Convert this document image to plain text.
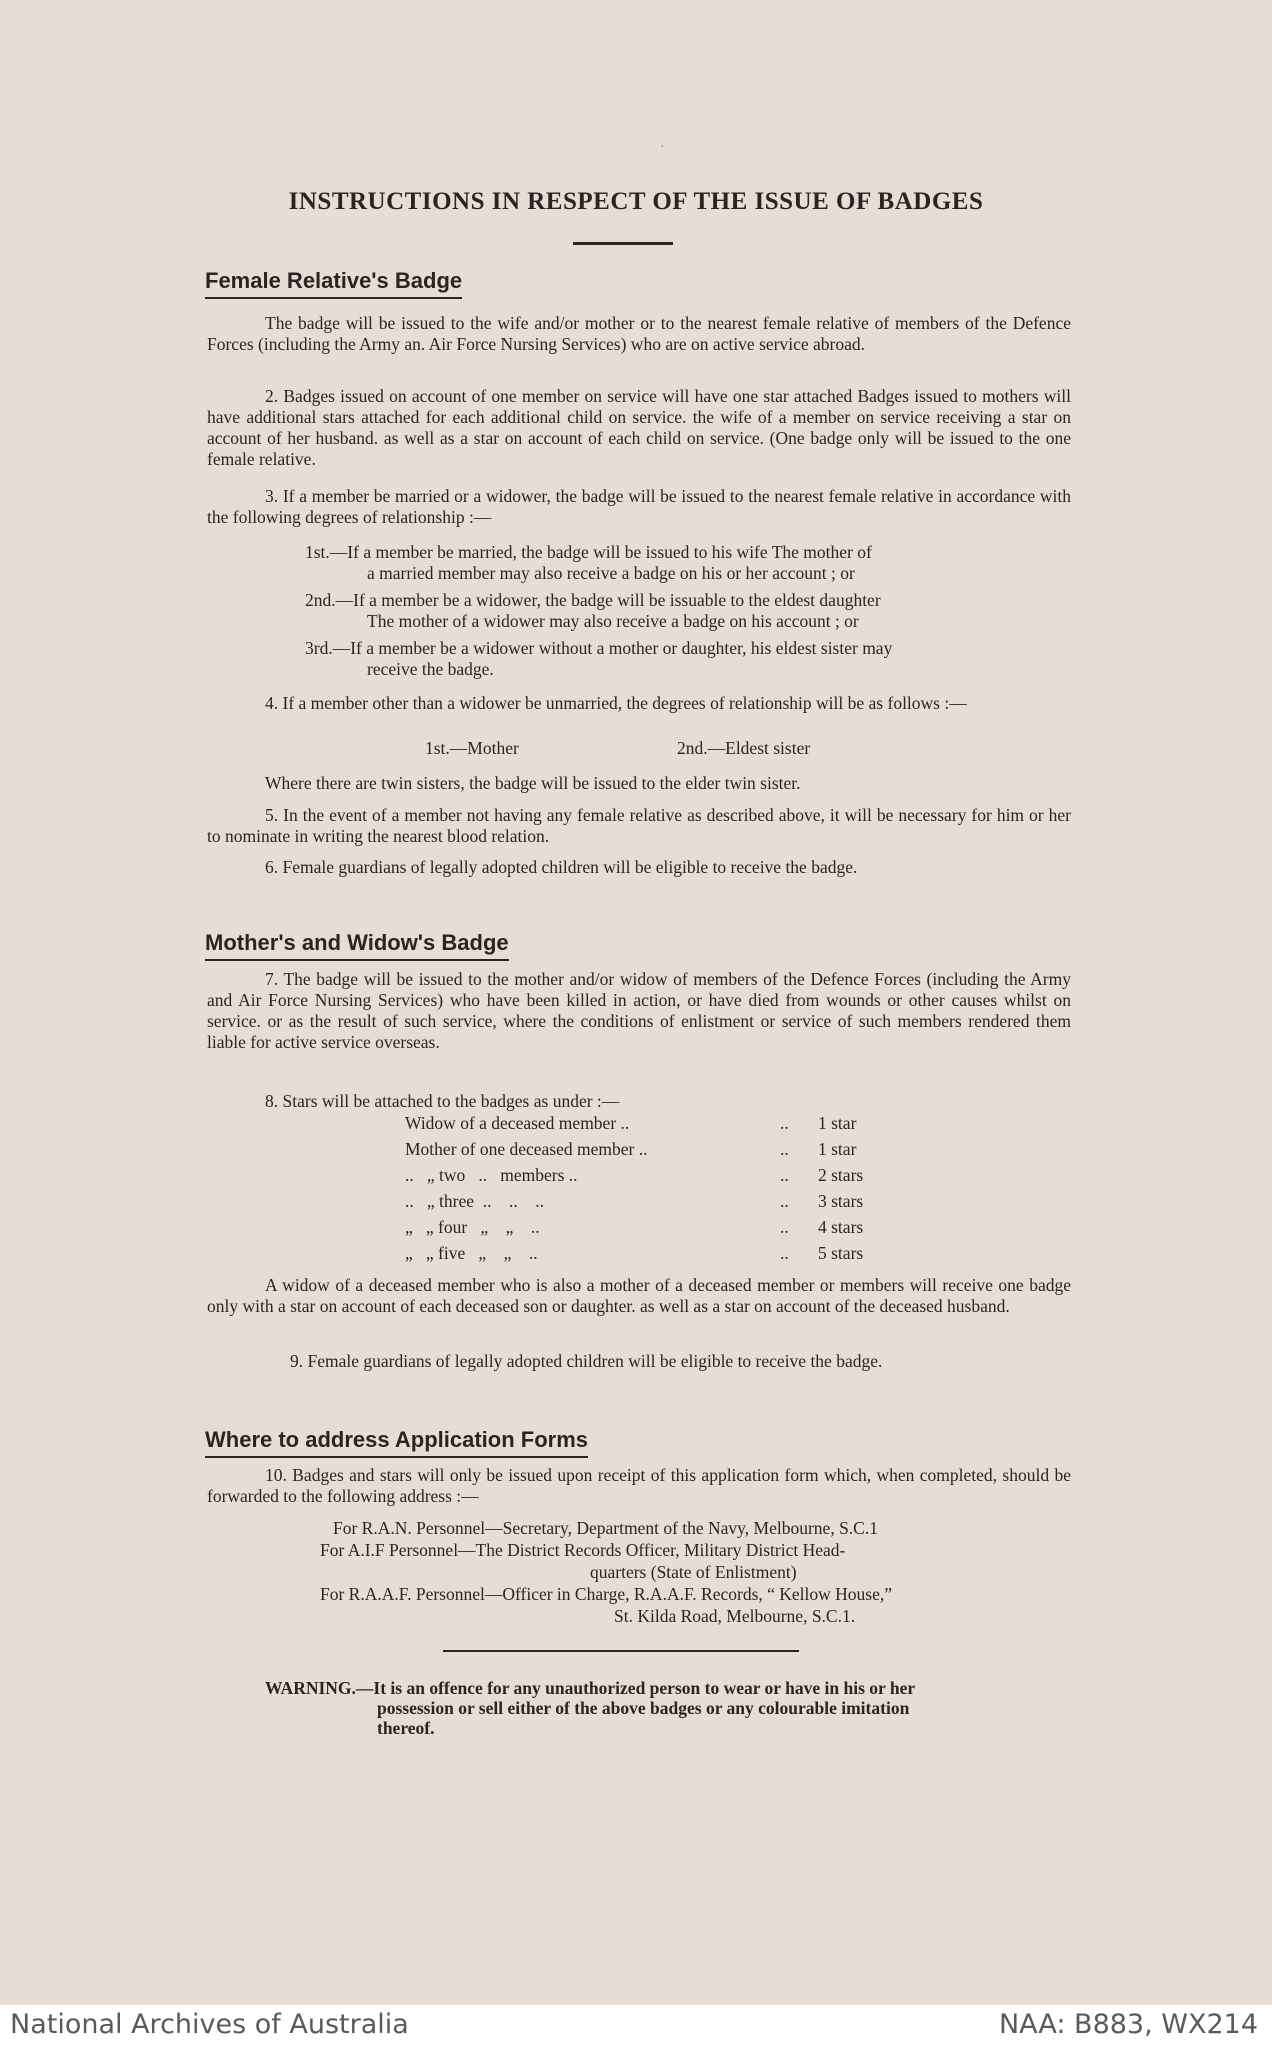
·
INSTRUCTIONS IN RESPECT OF THE ISSUE OF BADGES
Female Relative's Badge
The badge will be issued to the wife and/or mother or to the nearest female relative of members of the Defence Forces (including the Army an. Air Force Nursing Services) who are on active service abroad.
2. Badges issued on account of one member on service will have one star attached Badges issued to mothers will have additional stars attached for each additional child on service. the wife of a member on service receiving a star on account of her husband. as well as a star on account of each child on service. (One badge only will be issued to the one female relative.
3. If a member be married or a widower, the badge will be issued to the nearest female relative in accordance with the following degrees of relationship :—
1st.—If a member be married, the badge will be issued to his wife The mother of
a married member may also receive a badge on his or her account ; or
2nd.—If a member be a widower, the badge will be issuable to the eldest daughter
The mother of a widower may also receive a badge on his account ; or
3rd.—If a member be a widower without a mother or daughter, his eldest sister may
receive the badge.
4. If a member other than a widower be unmarried, the degrees of relationship will be as follows :—
1st.—Mother	2nd.—Eldest sister
Where there are twin sisters, the badge will be issued to the elder twin sister.
5. In the event of a member not having any female relative as described above, it will be necessary for him or her to nominate in writing the nearest blood relation.
6. Female guardians of legally adopted children will be eligible to receive the badge.
Mother's and Widow's Badge
7. The badge will be issued to the mother and/or widow of members of the Defence Forces (including the Army and Air Force Nursing Services) who have been killed in action, or have died from wounds or other causes whilst on service. or as the result of such service, where the conditions of enlistment or service of such members rendered them liable for active service overseas.
8. Stars will be attached to the badges as under :—
Widow of a deceased member ..	.. 1 star
Mother of one deceased member ..	.. 1 star
..   „ two   ..   members ..	.. 2 stars
..   „ three  ..    ..    ..	.. 3 stars
„   „ four   „    „    ..	.. 4 stars
„   „ five   „    „    ..	.. 5 stars
A widow of a deceased member who is also a mother of a deceased member or members will receive one badge only with a star on account of each deceased son or daughter. as well as a star on account of the deceased husband.
9. Female guardians of legally adopted children will be eligible to receive the badge.
Where to address Application Forms
10. Badges and stars will only be issued upon receipt of this application form which, when completed, should be forwarded to the following address :—
For R.A.N. Personnel—Secretary, Department of the Navy, Melbourne, S.C.1
For A.I.F Personnel—The District Records Officer, Military District Head-
quarters (State of Enlistment)
For R.A.A.F. Personnel—Officer in Charge, R.A.A.F. Records, “ Kellow House,”
St. Kilda Road, Melbourne, S.C.1.
WARNING.—It is an offence for any unauthorized person to wear or have in his or her
possession or sell either of the above badges or any colourable imitation
thereof.
National Archives of Australia	NAA: B883, WX214
